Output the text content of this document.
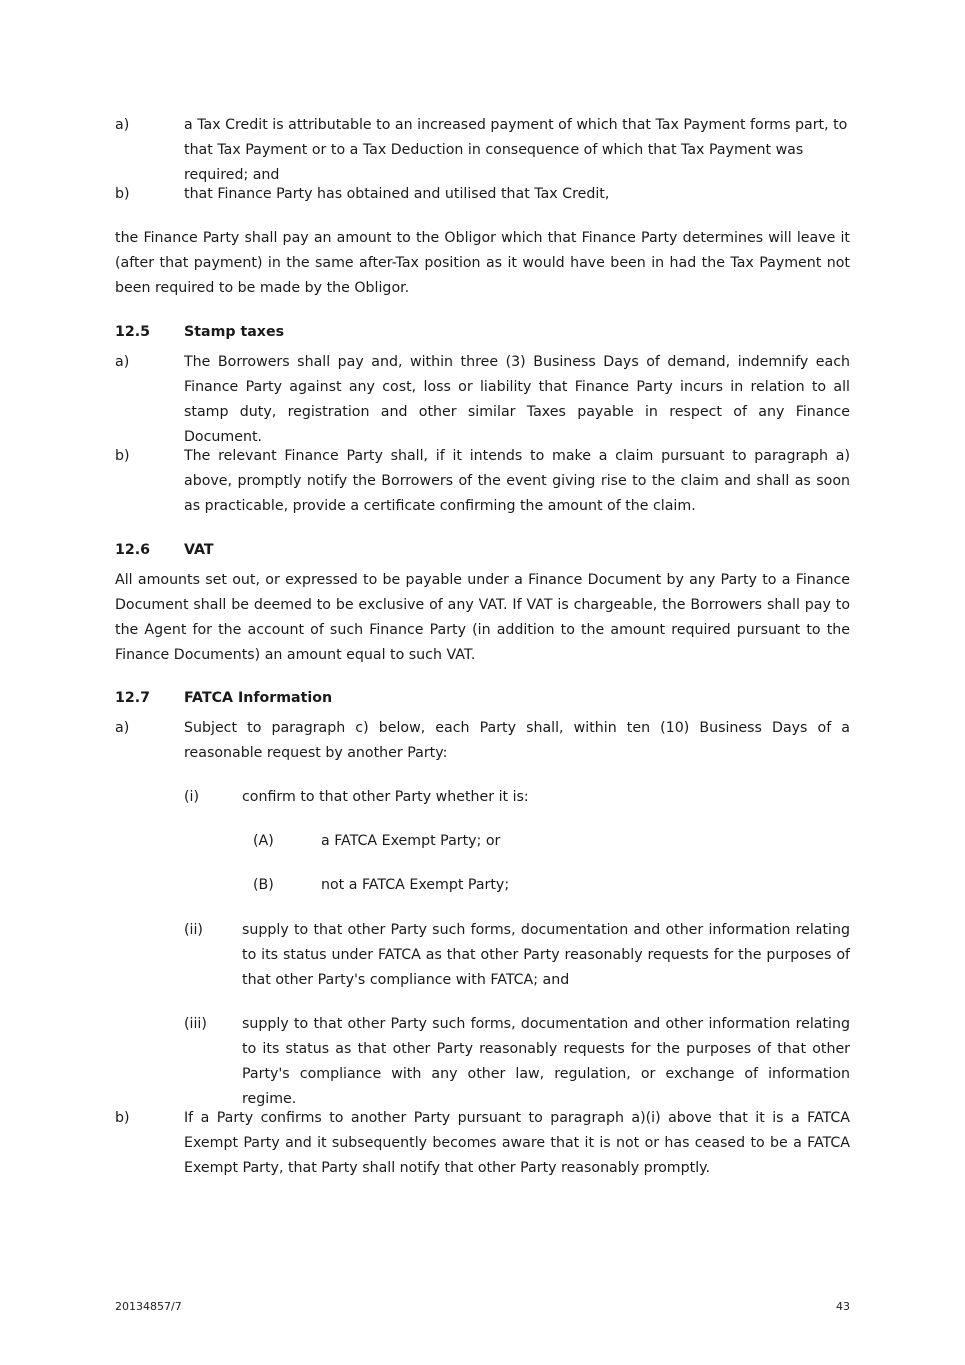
a)	a Tax Credit is attributable to an increased payment of which that Tax Payment forms part, to that Tax Payment or to a Tax Deduction in consequence of which that Tax Payment was required; and

b)	that Finance Party has obtained and utilised that Tax Credit,

the Finance Party shall pay an amount to the Obligor which that Finance Party determines will leave it (after that payment) in the same after-Tax position as it would have been in had the Tax Payment not been required to be made by the Obligor.

12.5 Stamp taxes
a)	The Borrowers shall pay and, within three (3) Business Days of demand, indemnify each Finance Party against any cost, loss or liability that Finance Party incurs in relation to all stamp duty, registration and other similar Taxes payable in respect of any Finance Document.

b)	The relevant Finance Party shall, if it intends to make a claim pursuant to paragraph a) above, promptly notify the Borrowers of the event giving rise to the claim and shall as soon as practicable, provide a certificate confirming the amount of the claim.

12.6 VAT

All amounts set out, or expressed to be payable under a Finance Document by any Party to a Finance Document shall be deemed to be exclusive of any VAT. If VAT is chargeable, the Borrowers shall pay to the Agent for the account of such Finance Party (in addition to the amount required pursuant to the Finance Documents) an amount equal to such VAT.

12.7 FATCA Information
a)	Subject to paragraph c) below, each Party shall, within ten (10) Business Days of a reasonable request by another Party:

(i)	confirm to that other Party whether it is:

(A)	a FATCA Exempt Party; or

(B)	not a FATCA Exempt Party;

(ii)	supply to that other Party such forms, documentation and other information relating to its status under FATCA as that other Party reasonably requests for the purposes of that other Party's compliance with FATCA; and

(iii) supply to that other Party such forms, documentation and other information relating to its status as that other Party reasonably requests for the purposes of that other Party's compliance with any other law, regulation, or exchange of information regime.

b)	If a Party confirms to another Party pursuant to paragraph a)(i) above that it is a FATCA Exempt Party and it subsequently becomes aware that it is not or has ceased to be a FATCA Exempt Party, that Party shall notify that other Party reasonably promptly.

20134857/7	43
